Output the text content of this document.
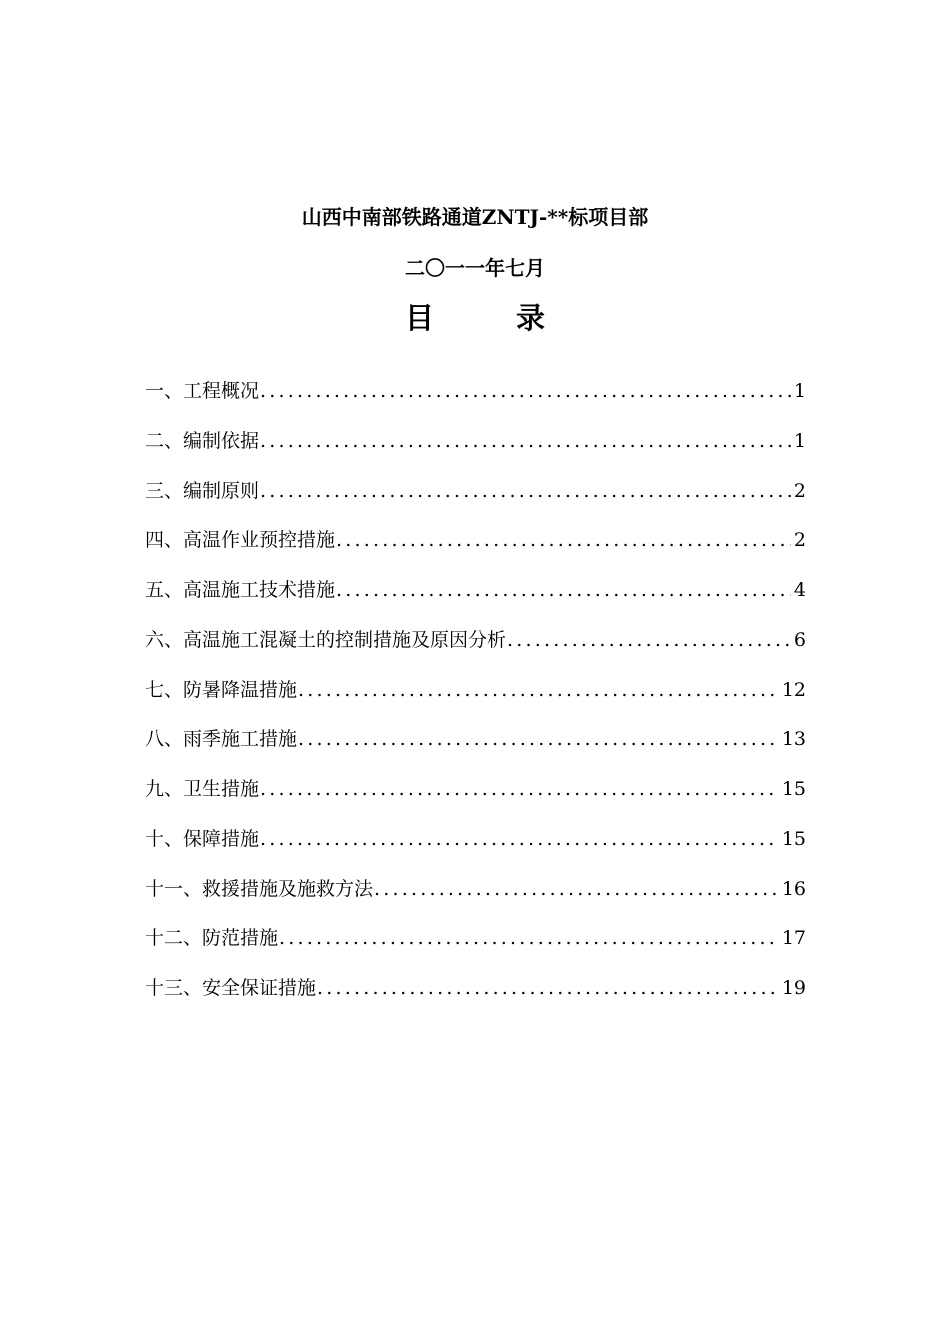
山西中南部铁路通道ZNTJ-**标项目部
二〇一一年七月
目 录
一、工程概况 .....	1
二、编制依据 .....	1
三、编制原则 .....	2
四、高温作业预控措施 .....	2
五、高温施工技术措施 .....	4
六、高温施工混凝土的控制措施及原因分析 .....	6
七、防暑降温措施 .....	12
八、雨季施工措施 .....	13
九、卫生措施 .....	15
十、保障措施 .....	15
十一、救援措施及施救方法 .....	16
十二、防范措施 .....	17
十三、安全保证措施 .....	19
